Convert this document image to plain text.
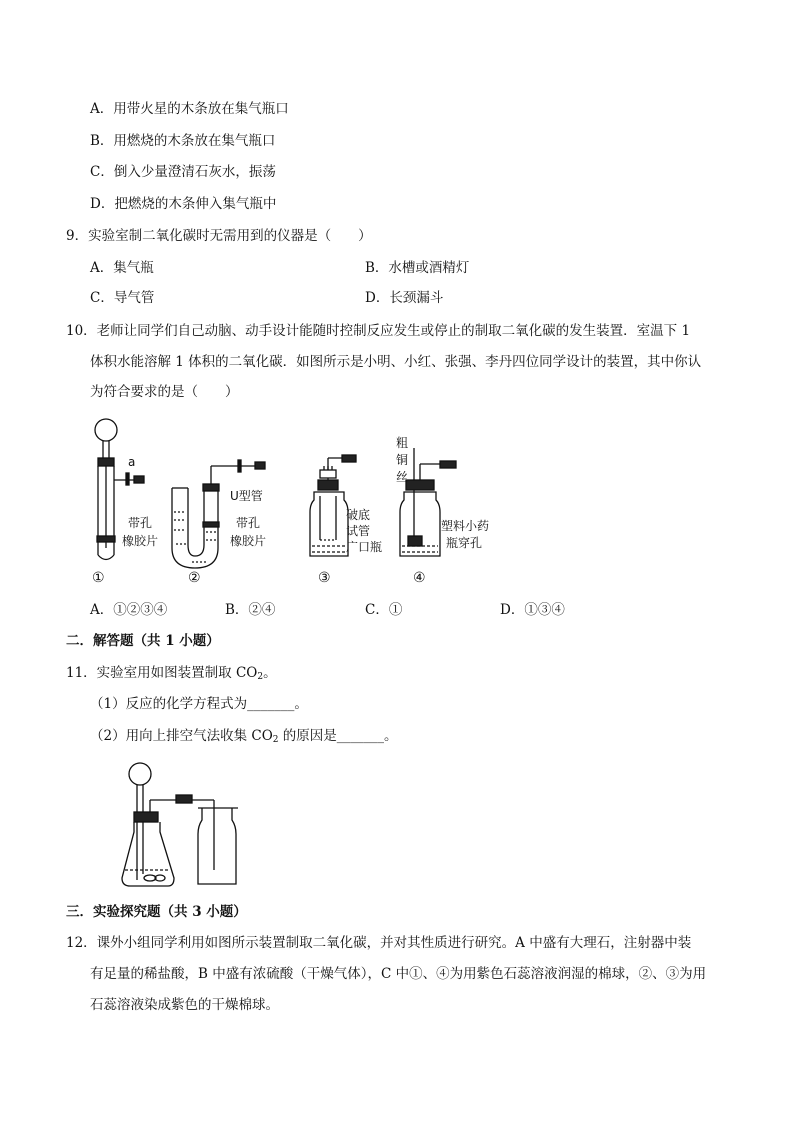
A．用带火星的木条放在集气瓶口
B．用燃烧的木条放在集气瓶口
C．倒入少量澄清石灰水，振荡
D．把燃烧的木条伸入集气瓶中
9．实验室制二氧化碳时无需用到的仪器是（　　）
A．集气瓶	B．水槽或酒精灯
C．导气管	D．长颈漏斗
10．老师让同学们自己动脑、动手设计能随时控制反应发生或停止的制取二氧化碳的发生装置．室温下 1
体积水能溶解 1 体积的二氧化碳．如图所示是小明、小红、张强、李丹四位同学设计的装置，其中你认
为符合要求的是（　　）
a
带孔
橡胶片
U型管
带孔
橡胶片
破底
试管
广口瓶
粗
铜
丝
塑料小药
瓶穿孔
①	②	③	④
A．①②③④	B．②④	C．①	D．①③④
二．解答题（共 1 小题）
11．实验室用如图装置制取 $CO_2$。
（1）反应的化学方程式为_______。
（2）用向上排空气法收集 $CO_2$ 的原因是_______。
三．实验探究题（共 3 小题）
12．课外小组同学利用如图所示装置制取二氧化碳，并对其性质进行研究。A 中盛有大理石，注射器中装
有足量的稀盐酸，B 中盛有浓硫酸（干燥气体），C 中①、④为用紫色石蕊溶液润湿的棉球，②、③为用
石蕊溶液染成紫色的干燥棉球。
